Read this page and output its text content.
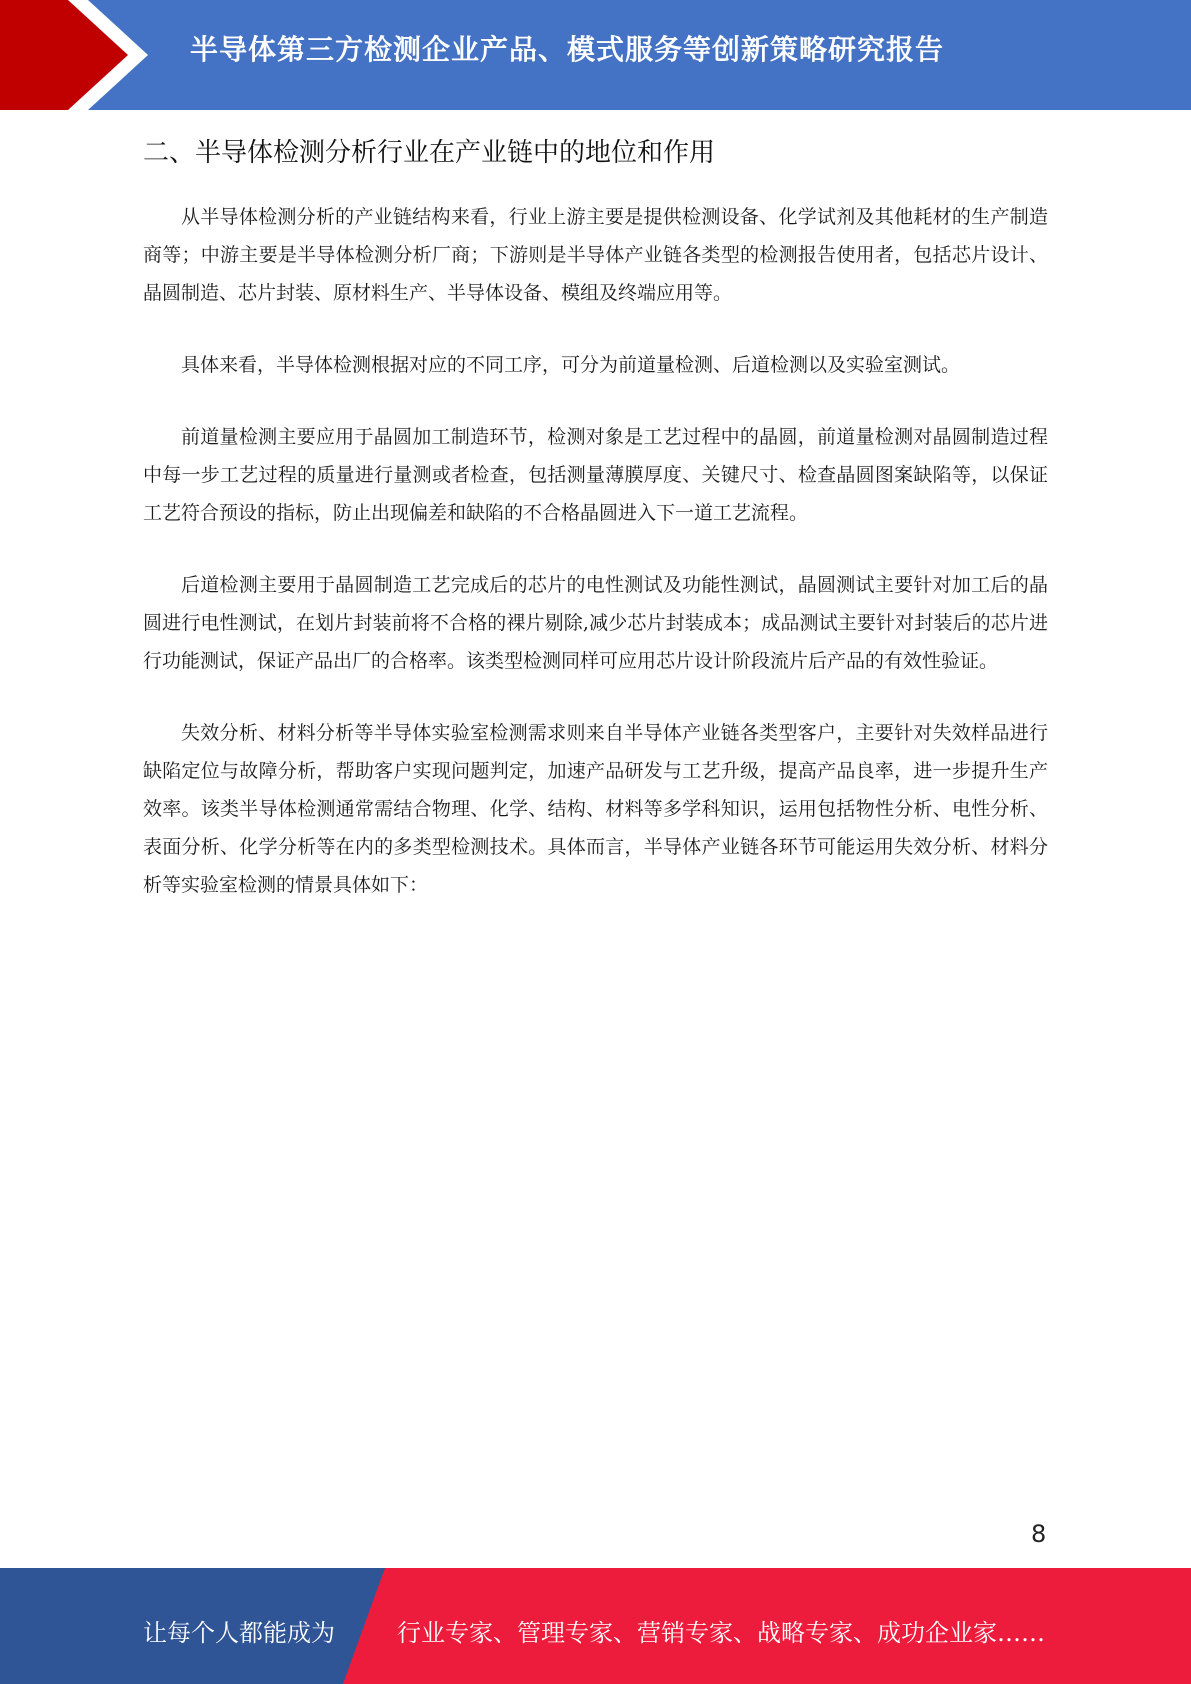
半导体第三方检测企业产品、模式服务等创新策略研究报告
二、半导体检测分析行业在产业链中的地位和作用

从半导体检测分析的产业链结构来看，行业上游主要是提供检测设备、化学试剂及其他耗材的生产制造商等；中游主要是半导体检测分析厂商；下游则是半导体产业链各类型的检测报告使用者，包括芯片设计、晶圆制造、芯片封装、原材料生产、半导体设备、模组及终端应用等。

具体来看，半导体检测根据对应的不同工序，可分为前道量检测、后道检测以及实验室测试。

前道量检测主要应用于晶圆加工制造环节，检测对象是工艺过程中的晶圆，前道量检测对晶圆制造过程中每一步工艺过程的质量进行量测或者检查，包括测量薄膜厚度、关键尺寸、检查晶圆图案缺陷等，以保证工艺符合预设的指标，防止出现偏差和缺陷的不合格晶圆进入下一道工艺流程。

后道检测主要用于晶圆制造工艺完成后的芯片的电性测试及功能性测试，晶圆测试主要针对加工后的晶圆进行电性测试，在划片封装前将不合格的裸片剔除,减少芯片封装成本；成品测试主要针对封装后的芯片进行功能测试，保证产品出厂的合格率。该类型检测同样可应用芯片设计阶段流片后产品的有效性验证。

失效分析、材料分析等半导体实验室检测需求则来自半导体产业链各类型客户，主要针对失效样品进行缺陷定位与故障分析，帮助客户实现问题判定，加速产品研发与工艺升级，提高产品良率，进一步提升生产效率。该类半导体检测通常需结合物理、化学、结构、材料等多学科知识，运用包括物性分析、电性分析、表面分析、化学分析等在内的多类型检测技术。具体而言，半导体产业链各环节可能运用失效分析、材料分析等实验室检测的情景具体如下：

8
让每个人都能成为	行业专家、管理专家、营销专家、战略专家、成功企业家……
